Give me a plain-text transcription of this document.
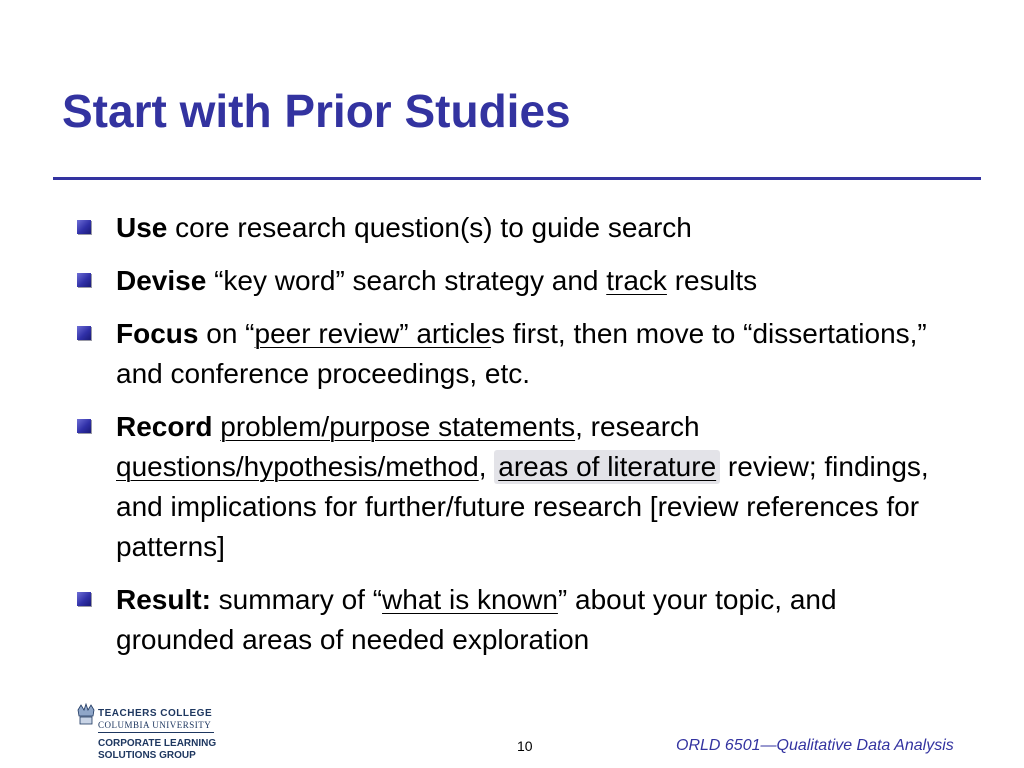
Start with Prior Studies
Use core research question(s) to guide search
Devise “key word” search strategy and track results
Focus on “peer review” articles first, then move to “dissertations,” and conference proceedings, etc.
Record problem/purpose statements, research questions/hypothesis/method, areas of literature review; findings, and implications for further/future research [review references for patterns]
Result: summary of “what is known” about your topic, and grounded areas of needed exploration
TEACHERS COLLEGE
COLUMBIA UNIVERSITY
CORPORATE LEARNING
SOLUTIONS GROUP
10	ORLD 6501—Qualitative Data Analysis
